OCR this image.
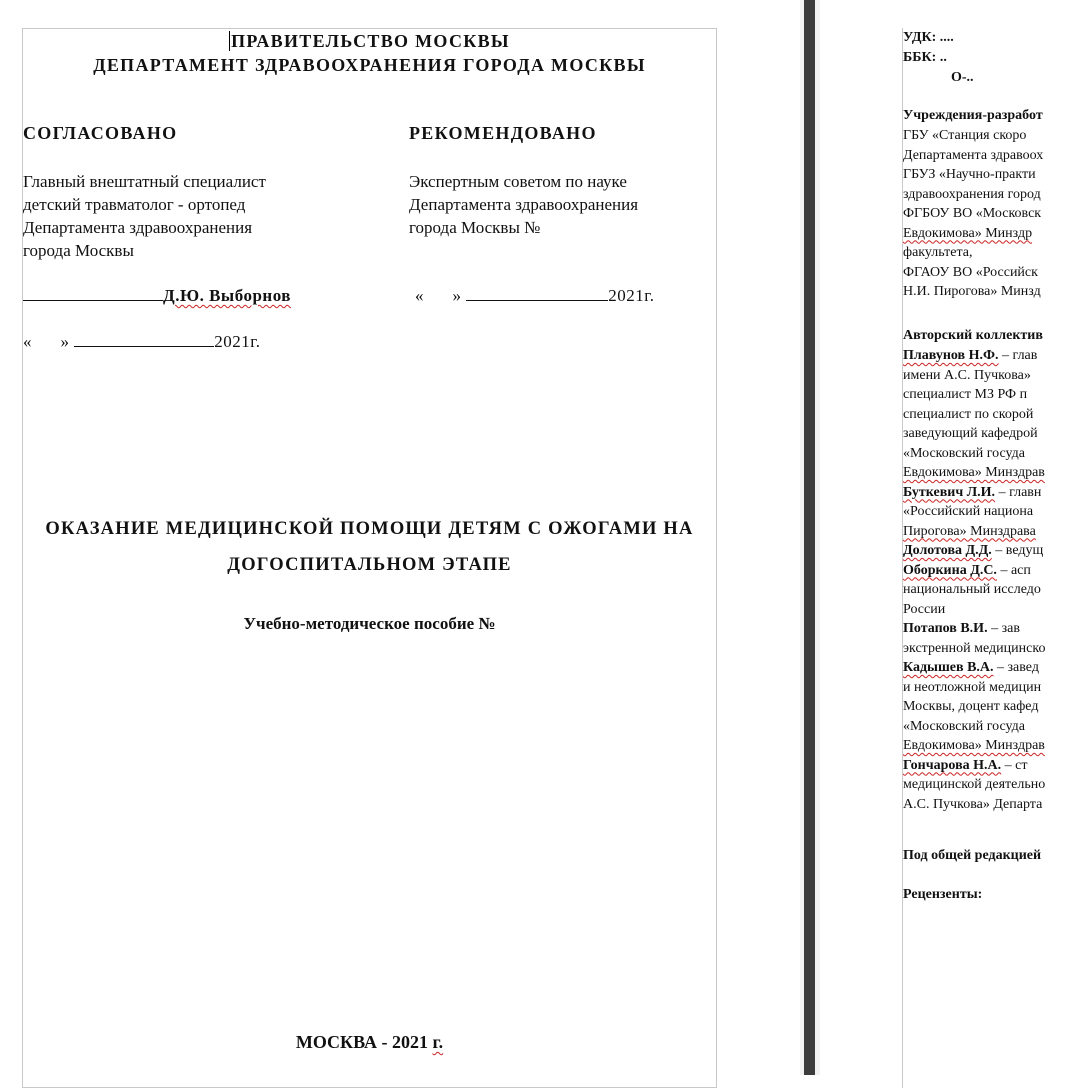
ПРАВИТЕЛЬСТВО МОСКВЫ
ДЕПАРТАМЕНТ ЗДРАВООХРАНЕНИЯ ГОРОДА МОСКВЫ
СОГЛАСОВАНО
Главный внештатный специалист
детский травматолог - ортопед
Департамента здравоохранения
города Москвы
Д.Ю. Выборнов
« »	2021г.
РЕКОМЕНДОВАНО
Экспертным советом по науке
Департамента здравоохранения
города Москвы №
« »	2021г.
ОКАЗАНИЕ МЕДИЦИНСКОЙ ПОМОЩИ ДЕТЯМ С ОЖОГАМИ НА
ДОГОСПИТАЛЬНОМ ЭТАПЕ
Учебно-методическое пособие №
МОСКВА - 2021 г.
УДК: ....
ББК: ..
О-..
Учреждения-разработ
ГБУ «Станция скоро
Департамента здравоох
ГБУЗ «Научно-практи
здравоохранения город
ФГБОУ ВО «Московск
Евдокимова» Минздр
факультета,
ФГАОУ ВО «Российск
Н.И. Пирогова» Минзд
Авторский коллектив
Плавунов Н.Ф. – глав
имени А.С. Пучкова»
специалист МЗ РФ п
специалист по скорой
заведующий кафедрой
«Московский госуда
Евдокимова» Минздрав
Буткевич Л.И. – главн
«Российский национа
Пирогова» Минздрава
Долотова Д.Д. – ведущ
Оборкина Д.С. – асп
национальный исследо
России
Потапов В.И. – зав
экстренной медицинско
Кадышев В.А. – завед
и неотложной медицин
Москвы, доцент кафед
«Московский госуда
Евдокимова» Минздрав
Гончарова Н.А. – ст
медицинской деятельно
А.С. Пучкова» Департа
Под общей редакцией
Рецензенты:
